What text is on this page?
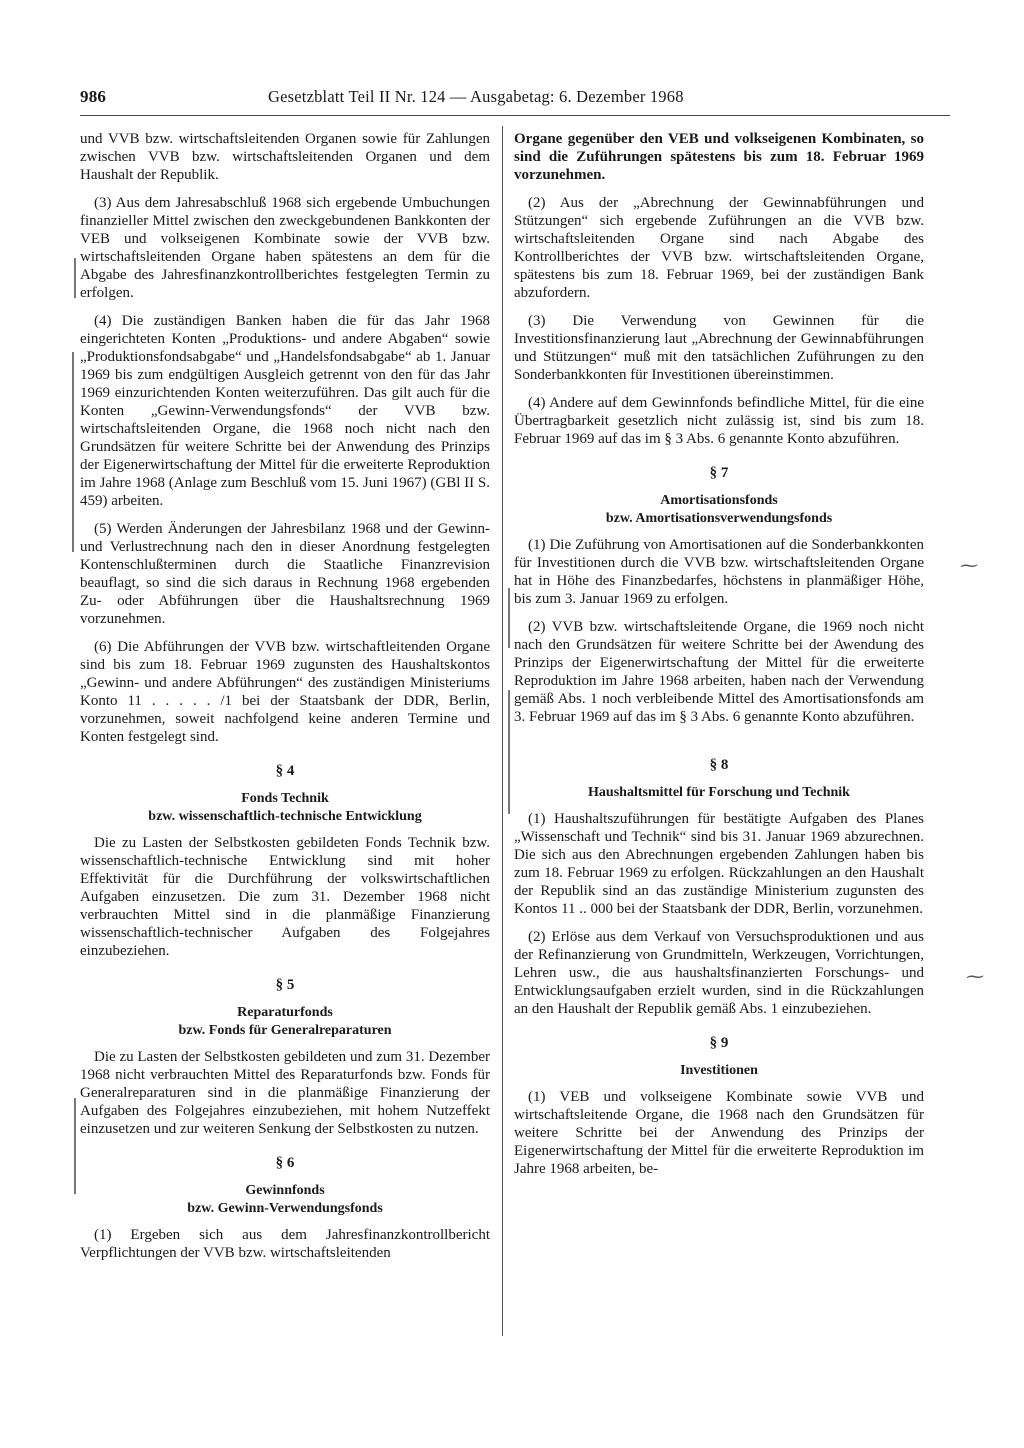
986	Gesetzblatt Teil II Nr. 124 — Ausgabetag: 6. Dezember 1968
⁓
⁓

und VVB bzw. wirtschaftsleitenden Organen sowie für Zahlungen zwischen VVB bzw. wirtschaftsleitenden Organen und dem Haushalt der Republik.

(3) Aus dem Jahresabschluß 1968 sich ergebende Umbuchungen finanzieller Mittel zwischen den zweckgebundenen Bankkonten der VEB und volkseigenen Kombinate sowie der VVB bzw. wirtschaftsleitenden Organe haben spätestens an dem für die Abgabe des Jahresfinanzkontrollberichtes festgelegten Termin zu erfolgen.

(4) Die zuständigen Banken haben die für das Jahr 1968 eingerichteten Konten „Produktions- und andere Abgaben“ sowie „Produktionsfondsabgabe“ und „Handelsfondsabgabe“ ab 1. Januar 1969 bis zum endgültigen Ausgleich getrennt von den für das Jahr 1969 einzurichtenden Konten weiterzuführen. Das gilt auch für die Konten „Gewinn-Verwendungsfonds“ der VVB bzw. wirtschaftsleitenden Organe, die 1968 noch nicht nach den Grundsätzen für weitere Schritte bei der Anwendung des Prinzips der Eigenerwirtschaftung der Mittel für die erweiterte Reproduktion im Jahre 1968 (Anlage zum Beschluß vom 15. Juni 1967) (GBl II S. 459) arbeiten.

(5) Werden Änderungen der Jahresbilanz 1968 und der Gewinn- und Verlustrechnung nach den in dieser Anordnung festgelegten Kontenschlußterminen durch die Staatliche Finanzrevision beauflagt, so sind die sich daraus in Rechnung 1968 ergebenden Zu- oder Abführungen über die Haushaltsrechnung 1969 vorzunehmen.

(6) Die Abführungen der VVB bzw. wirtschaftleitenden Organe sind bis zum 18. Februar 1969 zugunsten des Haushaltskontos „Gewinn- und andere Abführungen“ des zuständigen Ministeriums Konto 11 . . . . . /1 bei der Staatsbank der DDR, Berlin, vorzunehmen, soweit nachfolgend keine anderen Termine und Konten festgelegt sind.

§ 4
Fonds Technik
bzw. wissenschaftlich-technische Entwicklung

Die zu Lasten der Selbstkosten gebildeten Fonds Technik bzw. wissenschaftlich-technische Entwicklung sind mit hoher Effektivität für die Durchführung der volkswirtschaftlichen Aufgaben einzusetzen. Die zum 31. Dezember 1968 nicht verbrauchten Mittel sind in die planmäßige Finanzierung wissenschaftlich-technischer Aufgaben des Folgejahres einzubeziehen.

§ 5
Reparaturfonds
bzw. Fonds für Generalreparaturen

Die zu Lasten der Selbstkosten gebildeten und zum 31. Dezember 1968 nicht verbrauchten Mittel des Reparaturfonds bzw. Fonds für Generalreparaturen sind in die planmäßige Finanzierung der Aufgaben des Folgejahres einzubeziehen, mit hohem Nutzeffekt einzusetzen und zur weiteren Senkung der Selbstkosten zu nutzen.

§ 6
Gewinnfonds
bzw. Gewinn-Verwendungsfonds

(1) Ergeben sich aus dem Jahresfinanzkontrollbericht Verpflichtungen der VVB bzw. wirtschaftsleitenden

Organe gegenüber den VEB und volkseigenen Kombinaten, so sind die Zuführungen spätestens bis zum 18. Februar 1969 vorzunehmen.

(2) Aus der „Abrechnung der Gewinnabführungen und Stützungen“ sich ergebende Zuführungen an die VVB bzw. wirtschaftsleitenden Organe sind nach Abgabe des Kontrollberichtes der VVB bzw. wirtschaftsleitenden Organe, spätestens bis zum 18. Februar 1969, bei der zuständigen Bank abzufordern.

(3) Die Verwendung von Gewinnen für die Investitionsfinanzierung laut „Abrechnung der Gewinnabführungen und Stützungen“ muß mit den tatsächlichen Zuführungen zu den Sonderbankkonten für Investitionen übereinstimmen.

(4) Andere auf dem Gewinnfonds befindliche Mittel, für die eine Übertragbarkeit gesetzlich nicht zulässig ist, sind bis zum 18. Februar 1969 auf das im § 3 Abs. 6 genannte Konto abzuführen.

§ 7
Amortisationsfonds
bzw. Amortisationsverwendungsfonds

(1) Die Zuführung von Amortisationen auf die Sonderbankkonten für Investitionen durch die VVB bzw. wirtschaftsleitenden Organe hat in Höhe des Finanzbedarfes, höchstens in planmäßiger Höhe, bis zum 3. Januar 1969 zu erfolgen.

(2) VVB bzw. wirtschaftsleitende Organe, die 1969 noch nicht nach den Grundsätzen für weitere Schritte bei der Awendung des Prinzips der Eigenerwirtschaftung der Mittel für die erweiterte Reproduktion im Jahre 1968 arbeiten, haben nach der Verwendung gemäß Abs. 1 noch verbleibende Mittel des Amortisationsfonds am 3. Februar 1969 auf das im § 3 Abs. 6 genannte Konto abzuführen.

§ 8
Haushaltsmittel für Forschung und Technik

(1) Haushaltszuführungen für bestätigte Aufgaben des Planes „Wissenschaft und Technik“ sind bis 31. Januar 1969 abzurechnen. Die sich aus den Abrechnungen ergebenden Zahlungen haben bis zum 18. Februar 1969 zu erfolgen. Rückzahlungen an den Haushalt der Republik sind an das zuständige Ministerium zugunsten des Kontos 11 .. 000 bei der Staatsbank der DDR, Berlin, vorzunehmen.

(2) Erlöse aus dem Verkauf von Versuchsproduktionen und aus der Refinanzierung von Grundmitteln, Werkzeugen, Vorrichtungen, Lehren usw., die aus haushaltsfinanzierten Forschungs- und Entwicklungsaufgaben erzielt wurden, sind in die Rückzahlungen an den Haushalt der Republik gemäß Abs. 1 einzubeziehen.

§ 9
Investitionen

(1) VEB und volkseigene Kombinate sowie VVB und wirtschaftsleitende Organe, die 1968 nach den Grundsätzen für weitere Schritte bei der Anwendung des Prinzips der Eigenerwirtschaftung der Mittel für die erweiterte Reproduktion im Jahre 1968 arbeiten, be-
